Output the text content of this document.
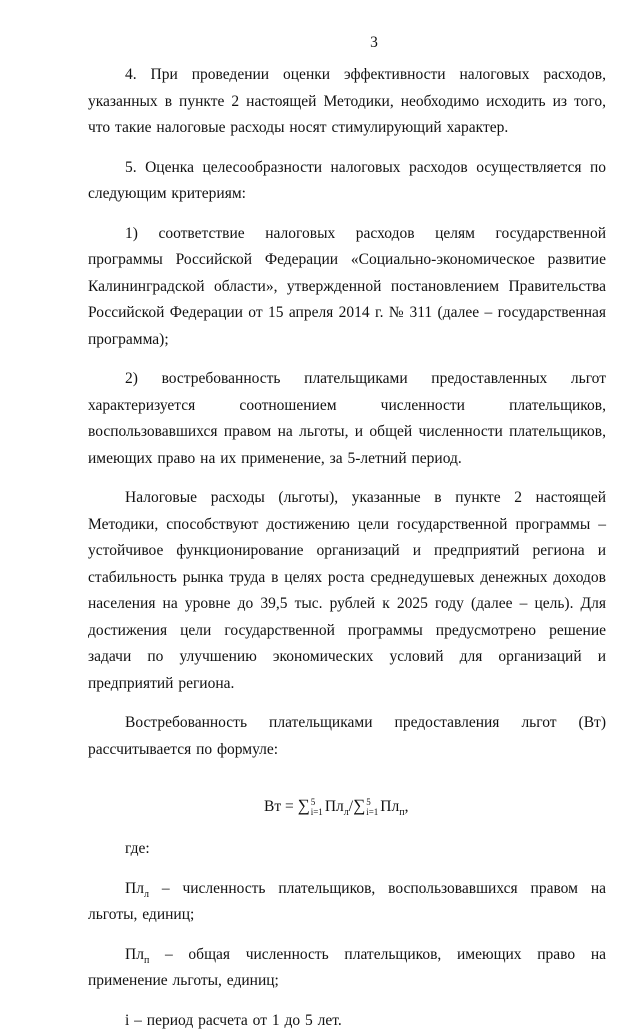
3

4. При проведении оценки эффективности налоговых расходов, указанных в пункте 2 настоящей Методики, необходимо исходить из того, что такие налоговые расходы носят стимулирующий характер.

5. Оценка целесообразности налоговых расходов осуществляется по следующим критериям:

1) соответствие налоговых расходов целям государственной программы Российской Федерации «Социально-экономическое развитие Калининградской области», утвержденной постановлением Правительства Российской Федерации от 15 апреля 2014 г. № 311 (далее – государственная программа);

2) востребованность плательщиками предоставленных льгот характеризуется соотношением численности плательщиков, воспользовавшихся правом на льготы, и общей численности плательщиков, имеющих право на их применение, за 5-летний период.

Налоговые расходы (льготы), указанные в пункте 2 настоящей Методики, способствуют достижению цели государственной программы – устойчивое функционирование организаций и предприятий региона и стабильность рынка труда в целях роста среднедушевых денежных доходов населения на уровне до 39,5 тыс. рублей к 2025 году (далее – цель). Для достижения цели государственной программы предусмотрено решение задачи по улучшению экономических условий для организаций и предприятий региона.

Востребованность плательщиками предоставления льгот (Вт) рассчитывается по формуле:

Вт = ∑ 5
i=1 $Пл_л/\sum$ 5
i=1 $Пл_п$,

где:

$Пл_л$ – численность плательщиков, воспользовавшихся правом на льготы, единиц;

$Пл_п$ – общая численность плательщиков, имеющих право на применение льготы, единиц;

i – период расчета от 1 до 5 лет.
